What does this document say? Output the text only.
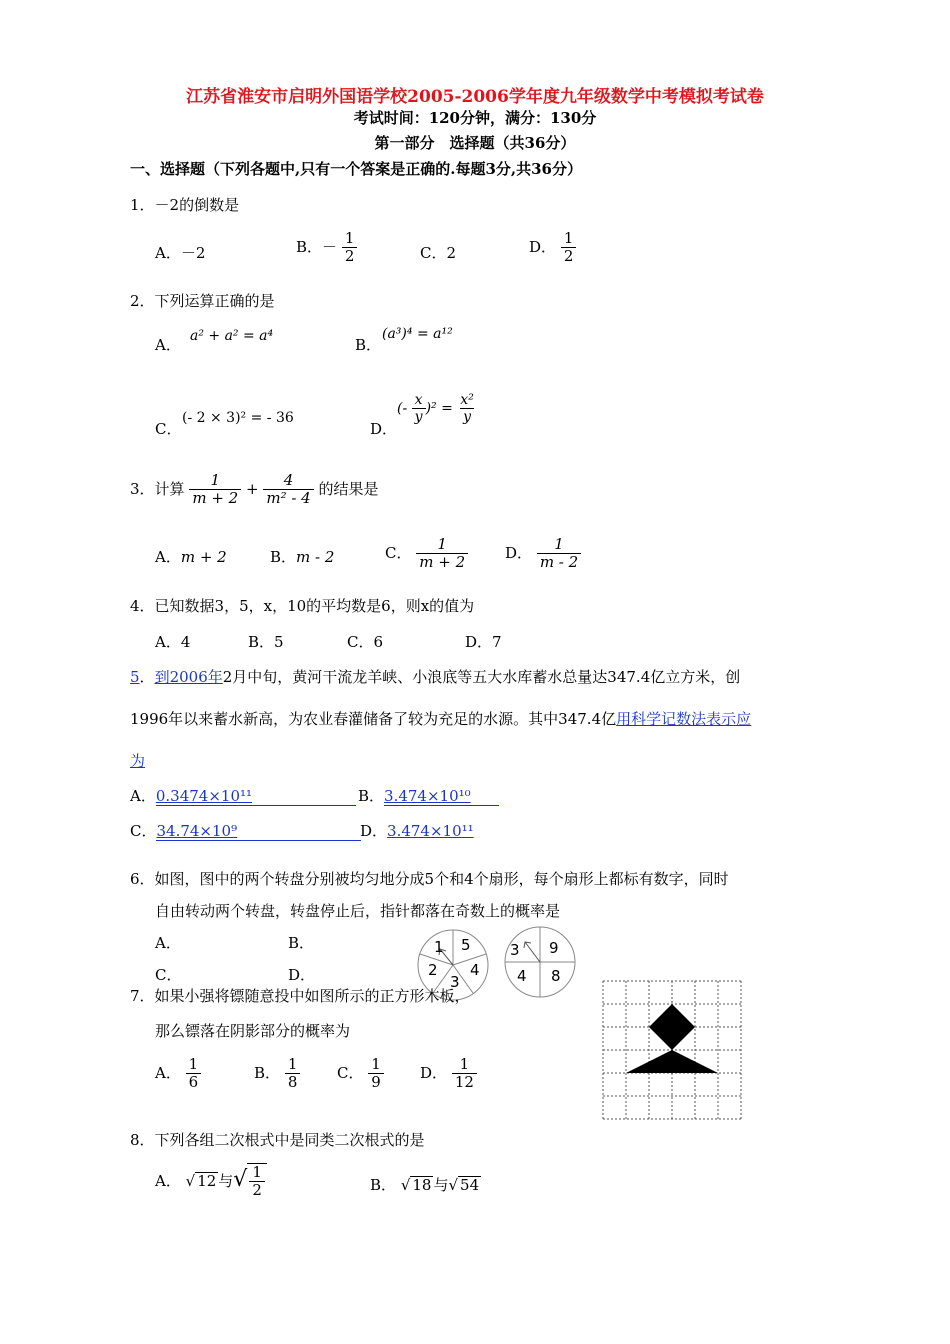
江苏省淮安市启明外国语学校2005-2006学年度九年级数学中考模拟考试卷
考试时间：120分钟，满分：130分
第一部分　选择题（共36分）
一、选择题（下列各题中,只有一个答案是正确的.每题3分,共36分）
1．－2的倒数是
A．－2	B．－ $\frac{1}{2}$	C．2	D． $\frac{1}{2}$
2．下列运算正确的是
A． a² + a² = a⁴	B．
(a³)⁴ = a¹²
C．
(- 2 × 3)² = - 36
D．
(- $\frac{x}{y} )^2 = \frac{\text{x²}}{y}$
3．计算 $\frac{1}{m + 2} + \frac{4}{\text{m² - 4}}$ 的结果是
A．m + 2	B．m - 2	C． $\frac{1}{m + 2}$ D． $\frac{1}{m - 2}$
4．已知数据3，5，x，10的平均数是6，则x的值为
A．4	B．5	C．6	D．7
5．到2006年2月中旬，黄河干流龙羊峡、小浪底等五大水库蓄水总量达347.4亿立方米，创
1996年以来蓄水新高，为农业春灌储备了较为充足的水源。其中347.4亿用科学记数法表示应
为
A．0.3474×10¹¹	B．3.474×10¹⁰
C．34.74×10⁹	D．3.474×10¹¹
6．如图，图中的两个转盘分别被均匀地分成5个和4个扇形，每个扇形上都标有数字，同时
自由转动两个转盘，转盘停止后，指针都落在奇数上的概率是
A．	B．
C．	D．
1 5
2 4
3
3 9
4 8
7．如果小强将镖随意投中如图所示的正方形木板，
那么镖落在阴影部分的概率为
A． $\frac{1}{6}$	B． $\frac{1}{8}$ C． $\frac{1}{9}$ D． $\frac{1}{12}$
8．下列各组二次根式中是同类二次根式的是
A． √ 12 与√ $\frac{1}{2}$	B． √ 18 与√ 54
